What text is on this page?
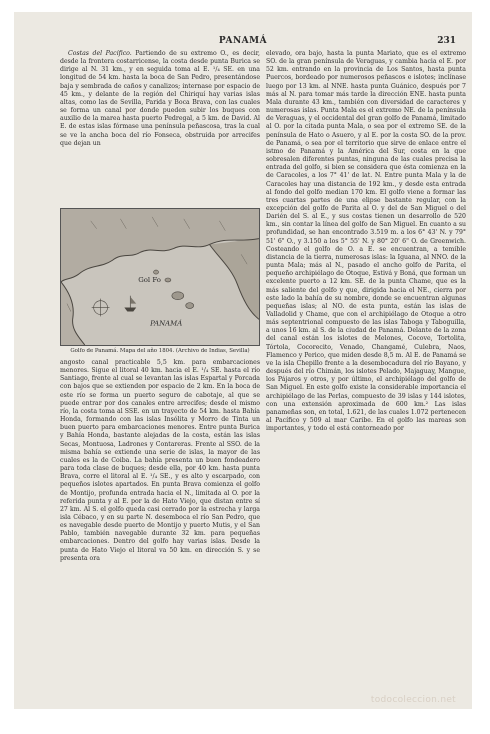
PANAMÁ	231

Costas del Pacífico. Partiendo de su extremo O., es decir, desde la frontera costarricense, la costa desde punta Burica se dirige al N. 31 km., y en seguida toma al E. ¹/₄ SE. en una longitud de 54 km. hasta la boca de San Pedro, presentándose baja y sembrada de caños y canalizos; internase por espacio de 45 km., y delante de la región del Chiriquí hay varias islas altas, como las de Sevilla, Parida y Boca Brava, con las cuales se forma un canal por donde pueden subir los buques con auxilio de la marea hasta puerto Pedregal, a 5 km. de David. Al E. de estas islas fórmase una península peñascosa, tras la cual se ve la ancha boca del río Fonseca, obstruida por arrecifes que dejan un

Gol Fo
PANAMÁ
Golfo de Panamá. Mapa del año 1804. (Archivo de Indias, Sevilla)

angosto canal practicable 5,5 km. para embarcaciones menores. Sigue el litoral 40 km. hacia el E. ¹/₄ SE. hasta el río Santiago, frente al cual se levantan las islas Espartal y Porcada con bajos que se extienden por espacio de 2 km. En la boca de este río se forma un puerto seguro de cabotaje, al que se puede entrar por dos canales entre arrecifes; desde el mismo río, la costa toma al SSE. en un trayecto de 54 km. hasta Bahía Honda, formando con las islas Insólita y Morro de Tinta un buen puerto para embarcaciones menores. Entre punta Burica y Bahía Honda, bastante alejadas de la costa, están las islas Secas, Montuosa, Ladrones y Contareras. Frente al SSO. de la misma bahía se extiende una serie de islas, la mayor de las cuales es la de Coiba. La bahía presenta un buen fondeadero para toda clase de buques; desde ella, por 40 km. hasta punta Brava, corre el litoral al E. ¹/₄ SE., y es alto y escarpado, con pequeños islotes apartados. En punta Brava comienza el golfo de Montijo, profunda entrada hacia el N., limitada al O. por la referida punta y al E. por la de Hato Viejo, que distan entre sí 27 km. Al S. el golfo queda casi cerrado por la estrecha y larga isla Cébaco, y en su parte N. desemboca el río San Pedro, que es navegable desde puerto de Montijo y puerto Mutis, y el San Pablo, también navegable durante 32 km. para pequeñas embarcaciones. Dentro del golfo hay varias islas. Desde la punta de Hato Viejo el litoral va 50 km. en dirección S. y se presenta ora

elevado, ora bajo, hasta la punta Mariato, que es el extremo SO. de la gran península de Veraguas, y cambia hacia el E. por 52 km. entrando en la provincia de Los Santos, hasta punta Puercos, bordeado por numerosos peñascos e islotes; inclínase luego por 13 km. al NNE. hasta punta Guánico, después por 7 más al N. para tomar más tarde la dirección ENE. hasta punta Mala durante 43 km., también con diversidad de caracteres y numerosas islas. Punta Mala es el extremo NE. de la península de Veraguas, y el occidental del gran golfo de Panamá, limitado al O. por la citada punta Mala, o sea por el extremo SE. de la península de Hato o Asuero, y al E. por la costa SO. de la prov. de Panamá, o sea por el territorio que sirve de enlace entre el istmo de Panamá y la América del Sur, costa en la que sobresalen diferentes puntas, ninguna de las cuales precisa la entrada del golfo, si bien se considera que ésta comienza en la de Caracoles, a los 7° 41' de lat. N. Entre punta Mala y la de Caracoles hay una distancia de 192 km., y desde esta entrada al fondo del golfo median 170 km. El golfo viene a formar las tres cuartas partes de una elipse bastante regular, con la excepción del golfo de Parita al O. y del de San Miguel o del Darién del S. al E., y sus costas tienen un desarrollo de 520 km., sin contar la línea del golfo de San Miguel. En cuanto a su profundidad, se han encontrado 3.519 m. a los 6° 43' N. y 79° 51' 6" O., y 3.150 a los 5° 55' N. y 80° 20' 6" O. de Greenwich. Costeando el golfo de O. a E. se encuentran, a temible distancia de la tierra, numerosas islas: la Iguana, al NNO. de la punta Mala; más al N., pasado el ancho golfo de Parita, el pequeño archipiélago de Otoque, Estivá y Boná, que forman un excelente puerto a 12 km. SE. de la punta Chame, que es la más saliente del golfo y que, dirigida hacia el NE., cierra por este lado la bahía de su nombre, donde se encuentran algunas pequeñas islas; al NO. de esta punta, están las islas de Valladolid y Chame, que con el archipiélago de Otoque a otro más septentrional compuesto de las islas Taboga y Taboguilla, a unos 16 km. al S. de la ciudad de Panamá. Delante de la zona del canal están los islotes de Melones, Cocove, Tortolita, Tórtola, Cocorecito, Venado, Changamé, Culebra, Naos, Flamenco y Perico, que miden desde 8,5 m. Al E. de Panamá se ve la isla Chepillo frente a la desembocadura del río Bayano, y después del río Chimán, los islotes Pelado, Majaguay, Mangue, los Pájaros y otros, y por último, el archipiélago del golfo de San Miguel. En este golfo existe la considerable importancia el archipiélago de las Perlas, compuesto de 39 islas y 144 islotes, con una extensión aproximada de 600 km.² Las islas panameñas son, en total, 1.621, de las cuales 1.072 pertenecen al Pacífico y 509 al mar Caribe. En el golfo las mareas son importantes, y todo el está contorneado por

todocoleccion.net
